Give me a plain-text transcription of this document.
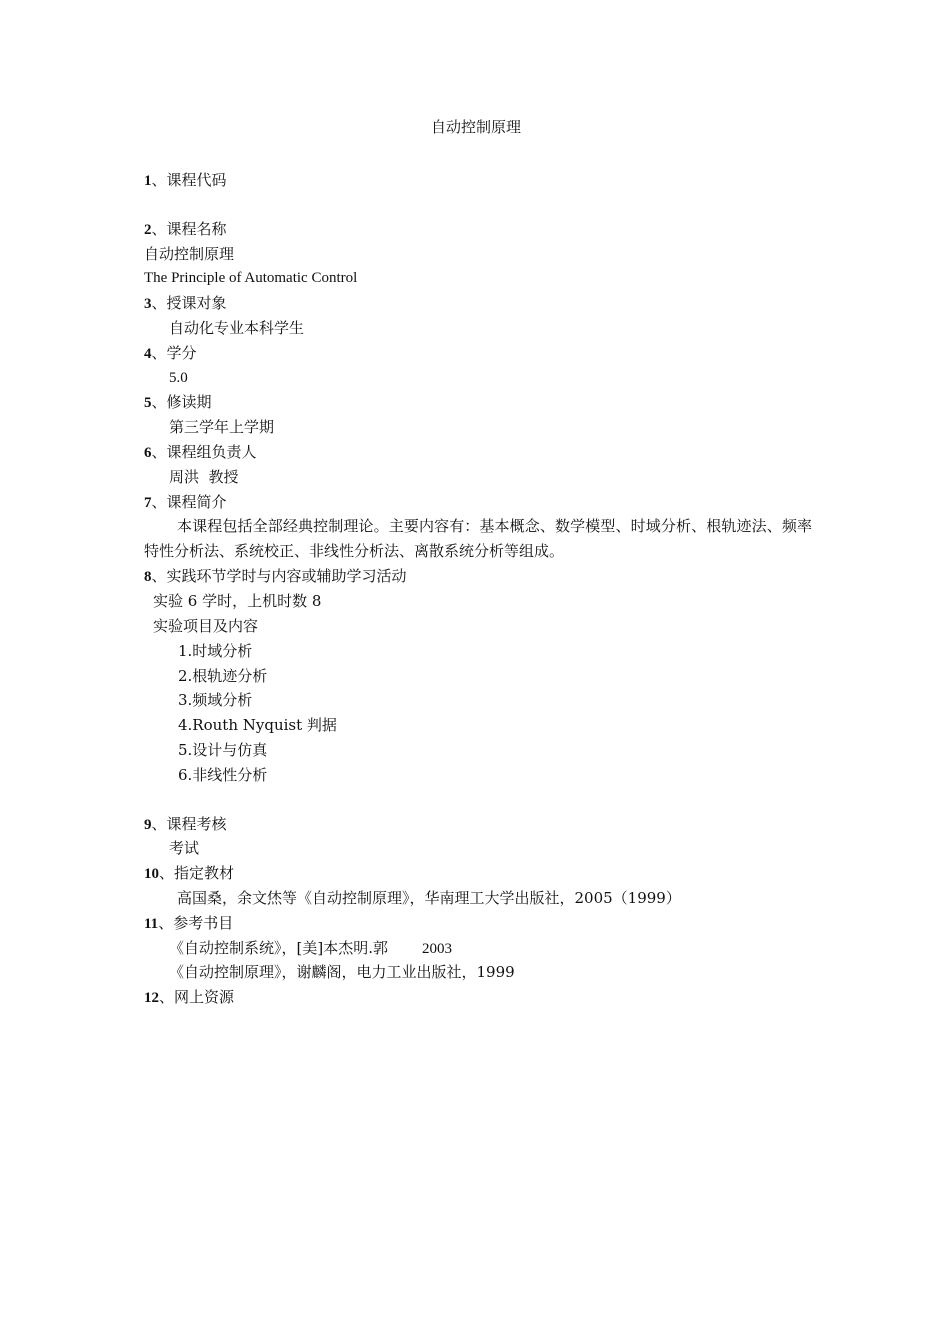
自动控制原理
1、课程代码
2、课程名称
自动控制原理
The Principle of Automatic Control
3、授课对象
自动化专业本科学生
4、学分
5.0
5、修读期
第三学年上学期
6、课程组负责人
周洪  教授
7、课程简介
本课程包括全部经典控制理论。主要内容有：基本概念、数学模型、时域分析、根轨迹法、频率特性分析法、系统校正、非线性分析法、离散系统分析等组成。
8、实践环节学时与内容或辅助学习活动
实验 6 学时，上机时数 8
实验项目及内容
1.时域分析
2.根轨迹分析
3.频域分析
4.Routh Nyquist 判据
5.设计与仿真
6.非线性分析
9、课程考核
考试
10、指定教材
高国桑，余文烋等《自动控制原理》，华南理工大学出版社，2005（1999）
11、参考书目
《自动控制系统》，[美]本杰明.郭 2003
《自动控制原理》，谢麟阁，电力工业出版社，1999
12、网上资源
